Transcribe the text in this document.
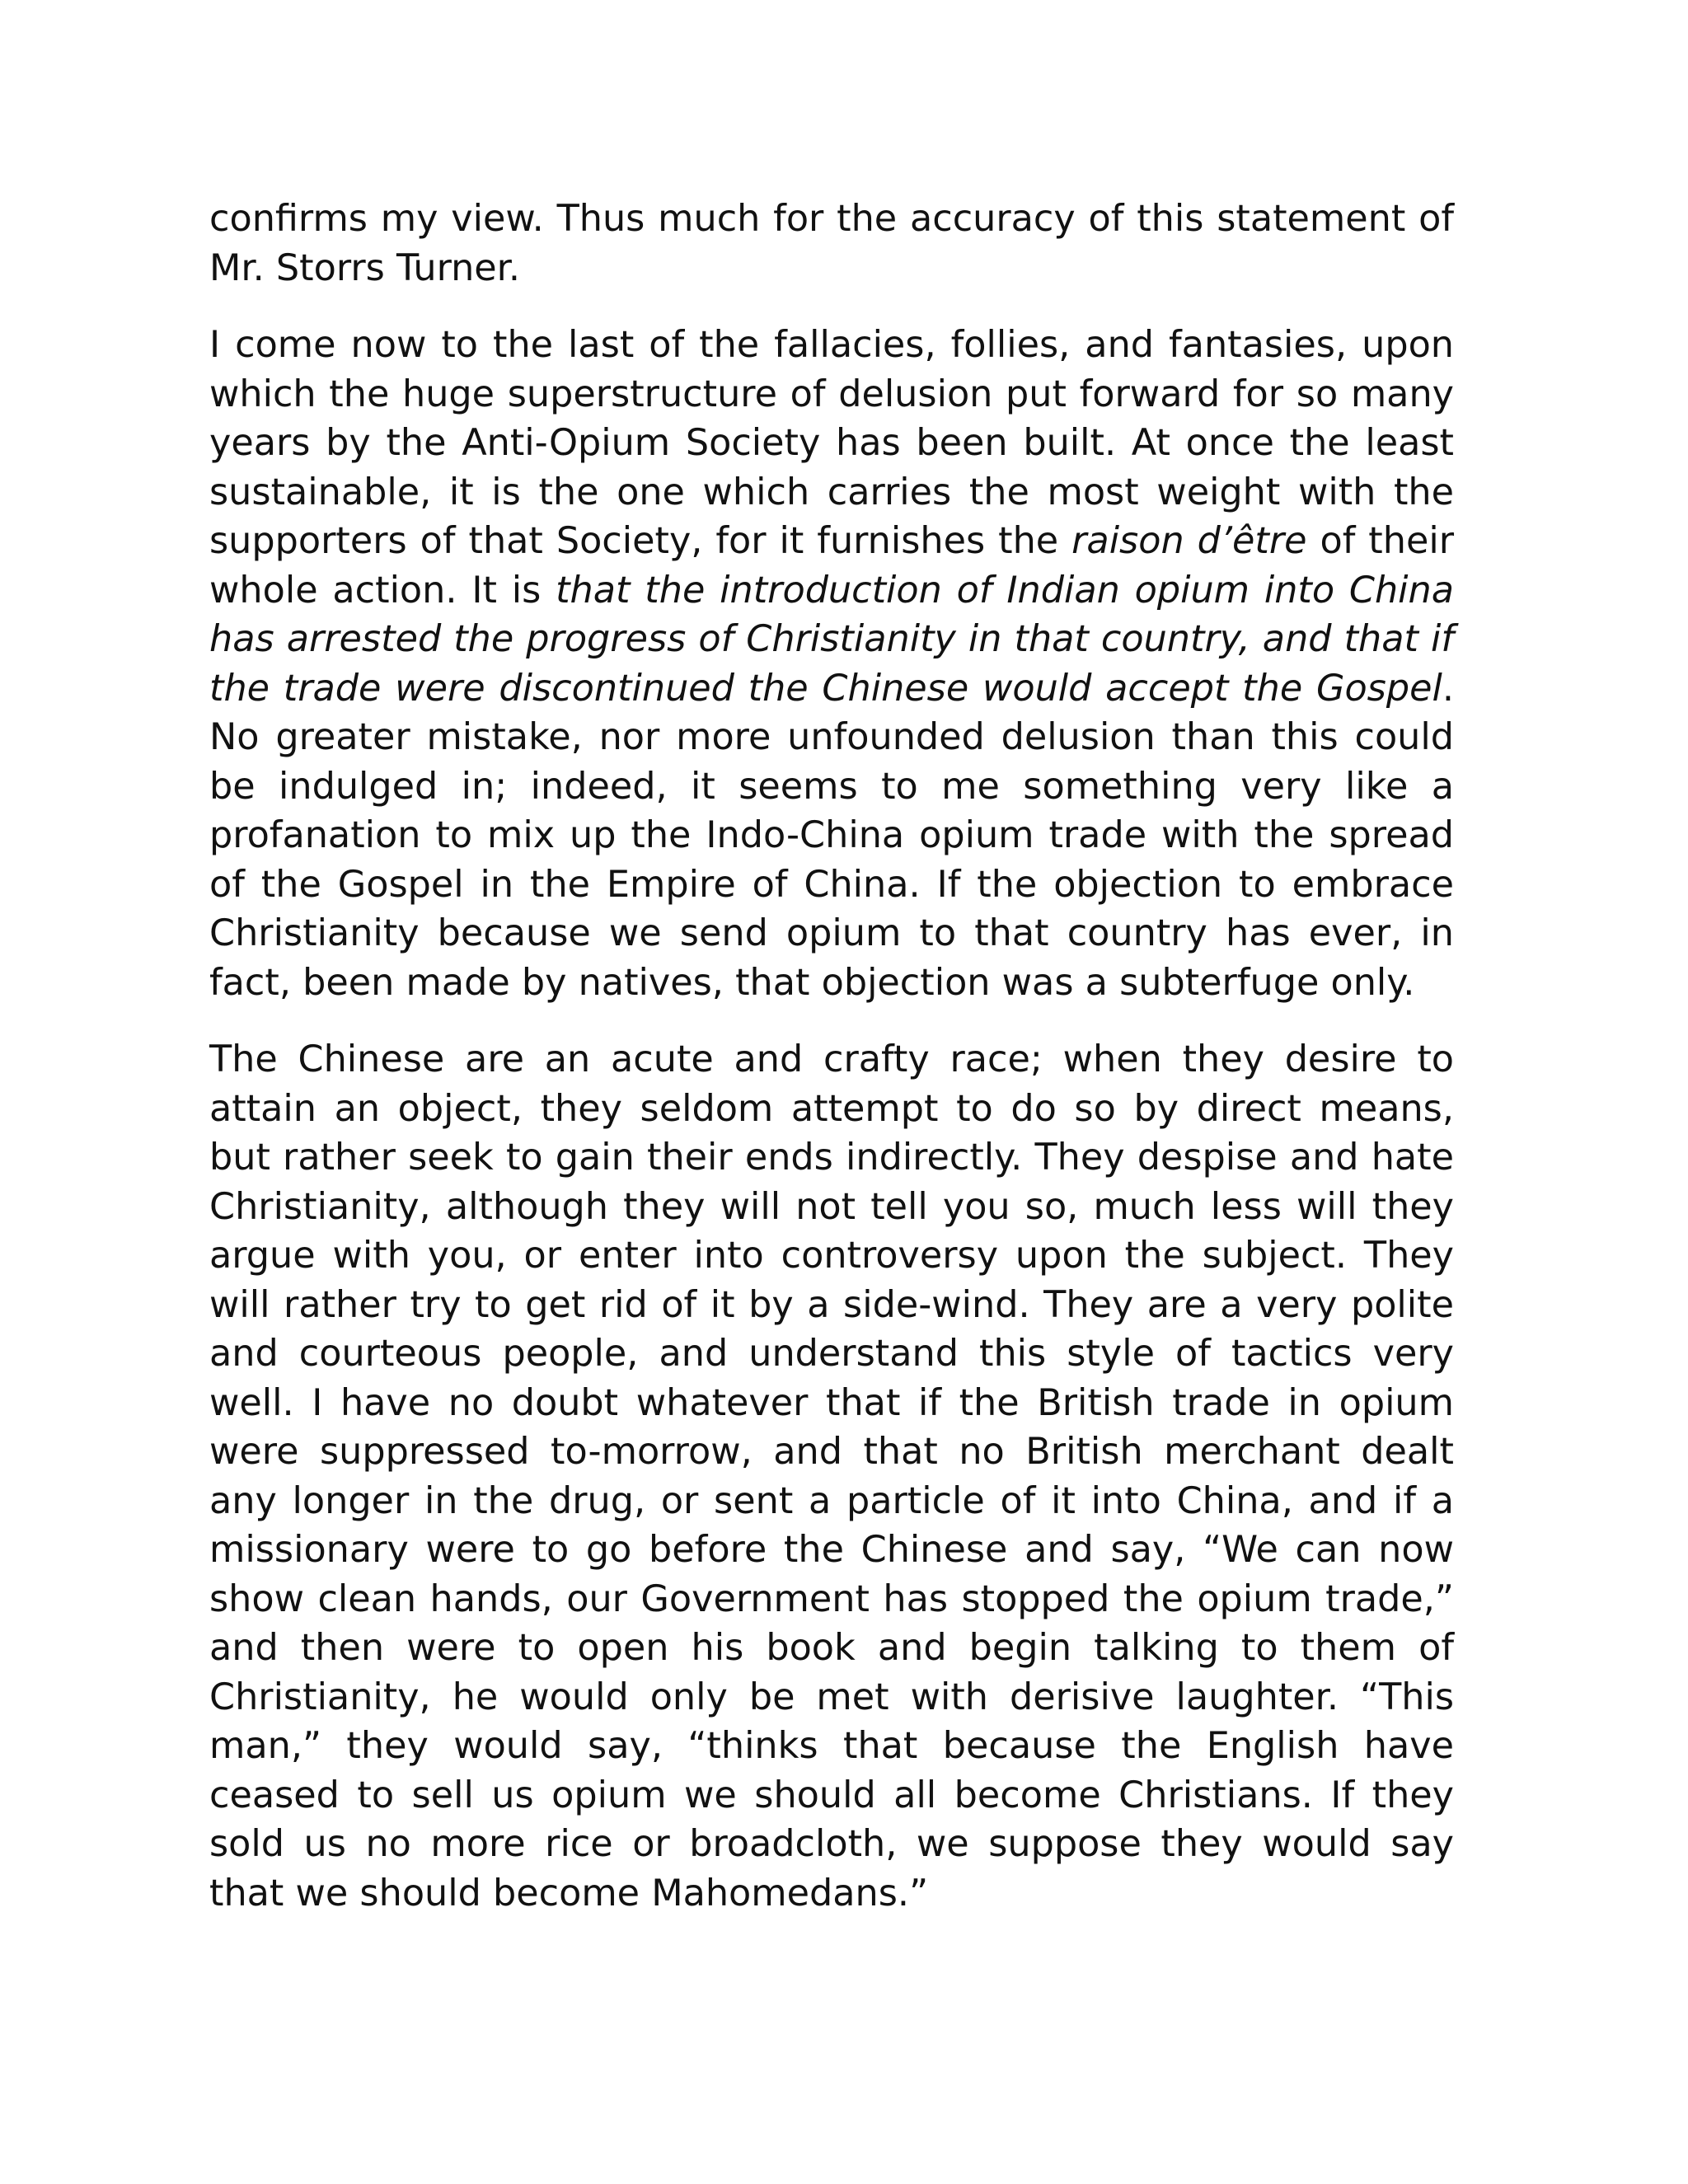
confirms my view. Thus much for the accuracy of this statement of Mr. Storrs Turner.

I come now to the last of the fallacies, follies, and fantasies, upon which the huge superstructure of delusion put forward for so many years by the Anti-Opium Society has been built. At once the least sustainable, it is the one which carries the most weight with the supporters of that Society, for it furnishes the raison d’être of their whole action. It is that the introduction of Indian opium into China has arrested the progress of Christianity in that country, and that if the trade were discontinued the Chinese would accept the Gospel. No greater mistake, nor more unfounded delusion than this could be indulged in; indeed, it seems to me something very like a profanation to mix up the Indo-China opium trade with the spread of the Gospel in the Empire of China. If the objection to embrace Christianity because we send opium to that country has ever, in fact, been made by natives, that objection was a subterfuge only.

The Chinese are an acute and crafty race; when they desire to attain an object, they seldom attempt to do so by direct means, but rather seek to gain their ends indirectly. They despise and hate Christianity, although they will not tell you so, much less will they argue with you, or enter into controversy upon the subject. They will rather try to get rid of it by a side-wind. They are a very polite and courteous people, and understand this style of tactics very well. I have no doubt whatever that if the British trade in opium were suppressed to-morrow, and that no British merchant dealt any longer in the drug, or sent a particle of it into China, and if a missionary were to go before the Chinese and say, “We can now show clean hands, our Government has stopped the opium trade,” and then were to open his book and begin talking to them of Christianity, he would only be met with derisive laughter. “This man,” they would say, “thinks that because the English have ceased to sell us opium we should all become Christians. If they sold us no more rice or broadcloth, we suppose they would say that we should become Mahomedans.”
